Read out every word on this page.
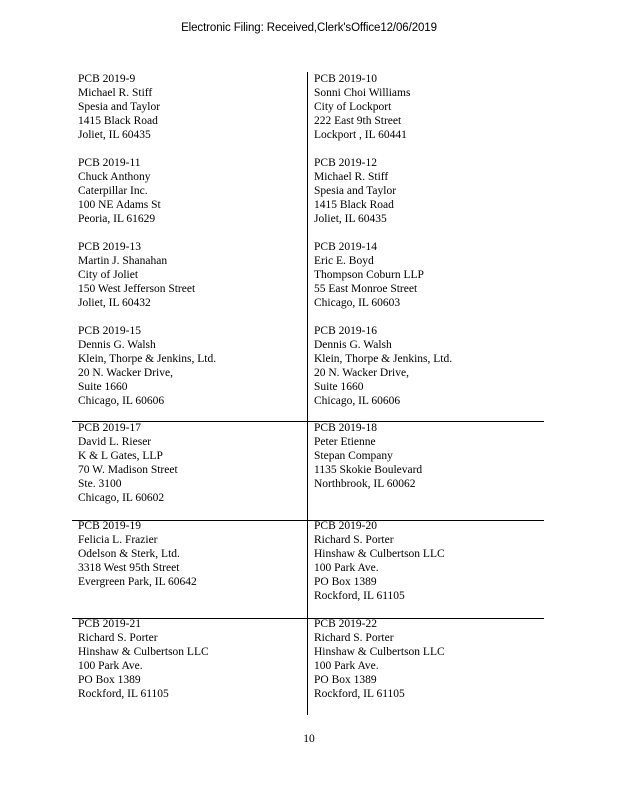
Electronic Filing: Received,Clerk'sOffice12/06/2019
PCB 2019-9
Michael R. Stiff
Spesia and Taylor
1415 Black Road
Joliet, IL 60435
PCB 2019-10
Sonni Choi Williams
City of Lockport
222 East 9th Street
Lockport , IL 60441
PCB 2019-11
Chuck Anthony
Caterpillar Inc.
100 NE Adams St
Peoria, IL 61629
PCB 2019-12
Michael R. Stiff
Spesia and Taylor
1415 Black Road
Joliet, IL 60435
PCB 2019-13
Martin J. Shanahan
City of Joliet
150 West Jefferson Street
Joliet, IL 60432
PCB 2019-14
Eric E. Boyd
Thompson Coburn LLP
55 East Monroe Street
Chicago, IL 60603
PCB 2019-15
Dennis G. Walsh
Klein, Thorpe & Jenkins, Ltd.
20 N. Wacker Drive,
Suite 1660
Chicago, IL 60606
PCB 2019-16
Dennis G. Walsh
Klein, Thorpe & Jenkins, Ltd.
20 N. Wacker Drive,
Suite 1660
Chicago, IL 60606
PCB 2019-17
David L. Rieser
K & L Gates, LLP
70 W. Madison Street
Ste. 3100
Chicago, IL 60602
PCB 2019-18
Peter Etienne
Stepan Company
1135 Skokie Boulevard
Northbrook, IL 60062
PCB 2019-19
Felicia L. Frazier
Odelson & Sterk, Ltd.
3318 West 95th Street
Evergreen Park, IL 60642
PCB 2019-20
Richard S. Porter
Hinshaw & Culbertson LLC
100 Park Ave.
PO Box 1389
Rockford, IL 61105
PCB 2019-21
Richard S. Porter
Hinshaw & Culbertson LLC
100 Park Ave.
PO Box 1389
Rockford, IL 61105
PCB 2019-22
Richard S. Porter
Hinshaw & Culbertson LLC
100 Park Ave.
PO Box 1389
Rockford, IL 61105
10
